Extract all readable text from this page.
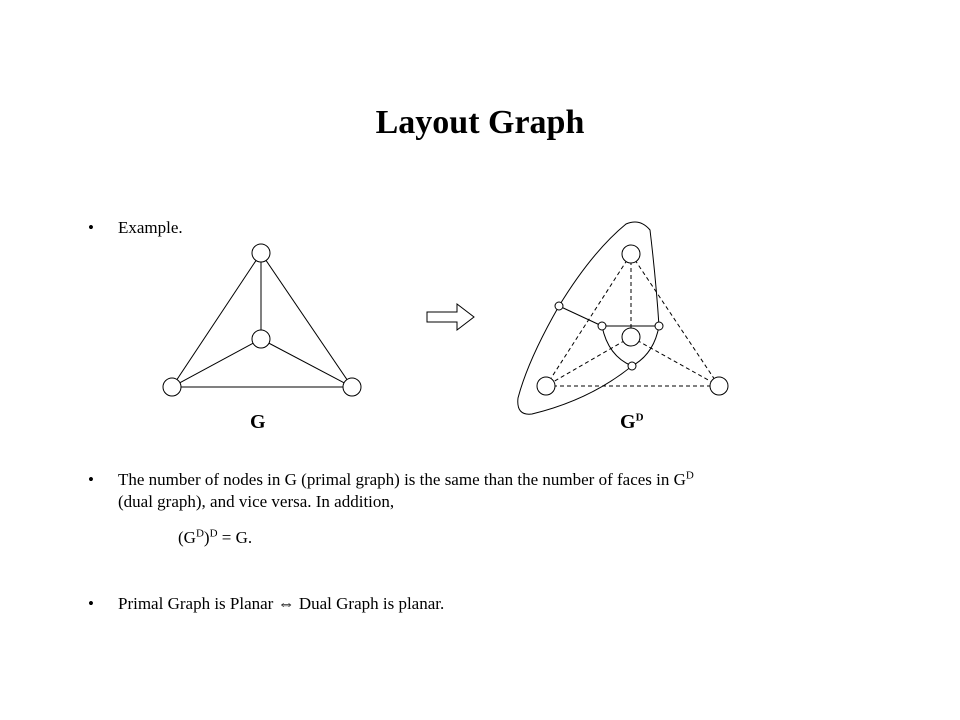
Layout Graph
• Example.
G	$G^D$
• The number of nodes in G (primal graph) is the same than the number of faces in $G^D$
(dual graph), and vice versa. In addition,
$(G^D)^D = G$.
• Primal Graph is Planar ⇔ Dual Graph is planar.
